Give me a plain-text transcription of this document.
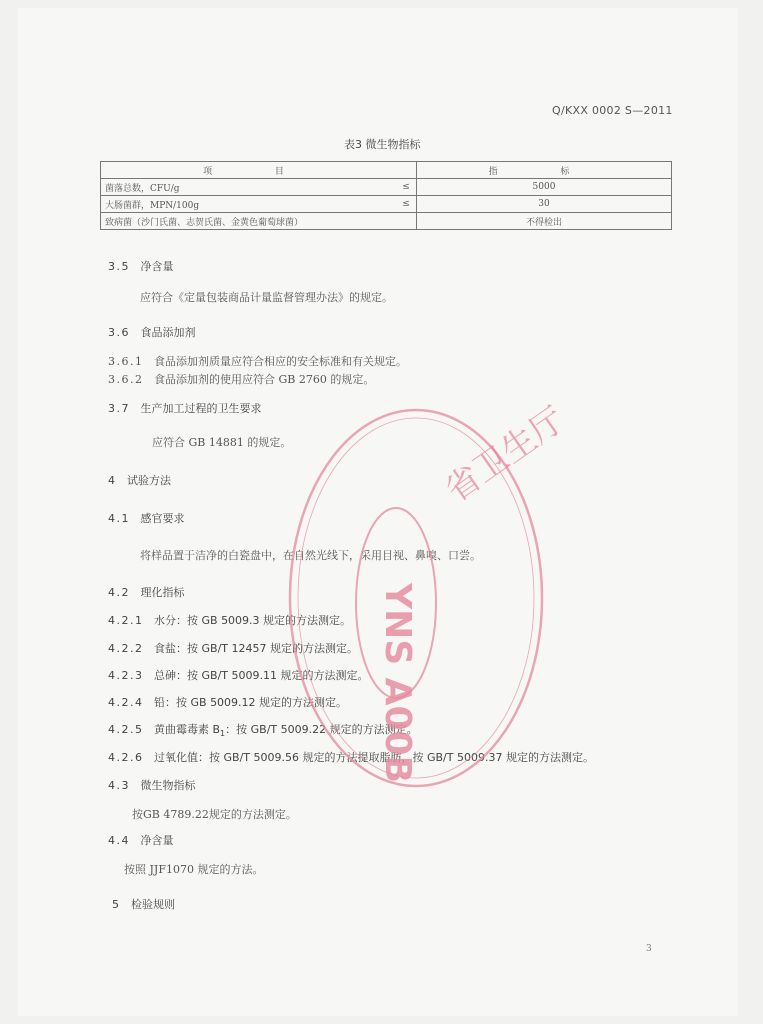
Q/KXX 0002 S—2011
表3 微生物指标
项 目		指 标
菌落总数，CFU/g	≤	5000
大肠菌群，MPN/100g	≤	30
致病菌（沙门氏菌、志贺氏菌、金黄色葡萄球菌）		不得检出
3.5 净含量
应符合《定量包装商品计量监督管理办法》的规定。
3.6 食品添加剂
3.6.1 食品添加剂质量应符合相应的安全标准和有关规定。
3.6.2 食品添加剂的使用应符合 GB 2760 的规定。
3.7 生产加工过程的卫生要求
应符合 GB 14881 的规定。
4 试验方法
4.1 感官要求
将样品置于洁净的白瓷盘中，在自然光线下，采用目视、鼻嗅、口尝。
4.2 理化指标
4.2.1 水分：按 GB 5009.3 规定的方法测定。
4.2.2 食盐：按 GB/T 12457 规定的方法测定。
4.2.3 总砷：按 GB/T 5009.11 规定的方法测定。
4.2.4 铅：按 GB 5009.12 规定的方法测定。
4.2.5 黄曲霉毒素 $B_1$：按 GB/T 5009.22 规定的方法测定。
4.2.6 过氧化值：按 GB/T 5009.56 规定的方法提取脂肪，按 GB/T 5009.37 规定的方法测定。
4.3 微生物指标
按GB 4789.22规定的方法测定。
4.4 净含量
按照 JJF1070 规定的方法。
5 检验规则
3
省卫生厅
YNS A00B
